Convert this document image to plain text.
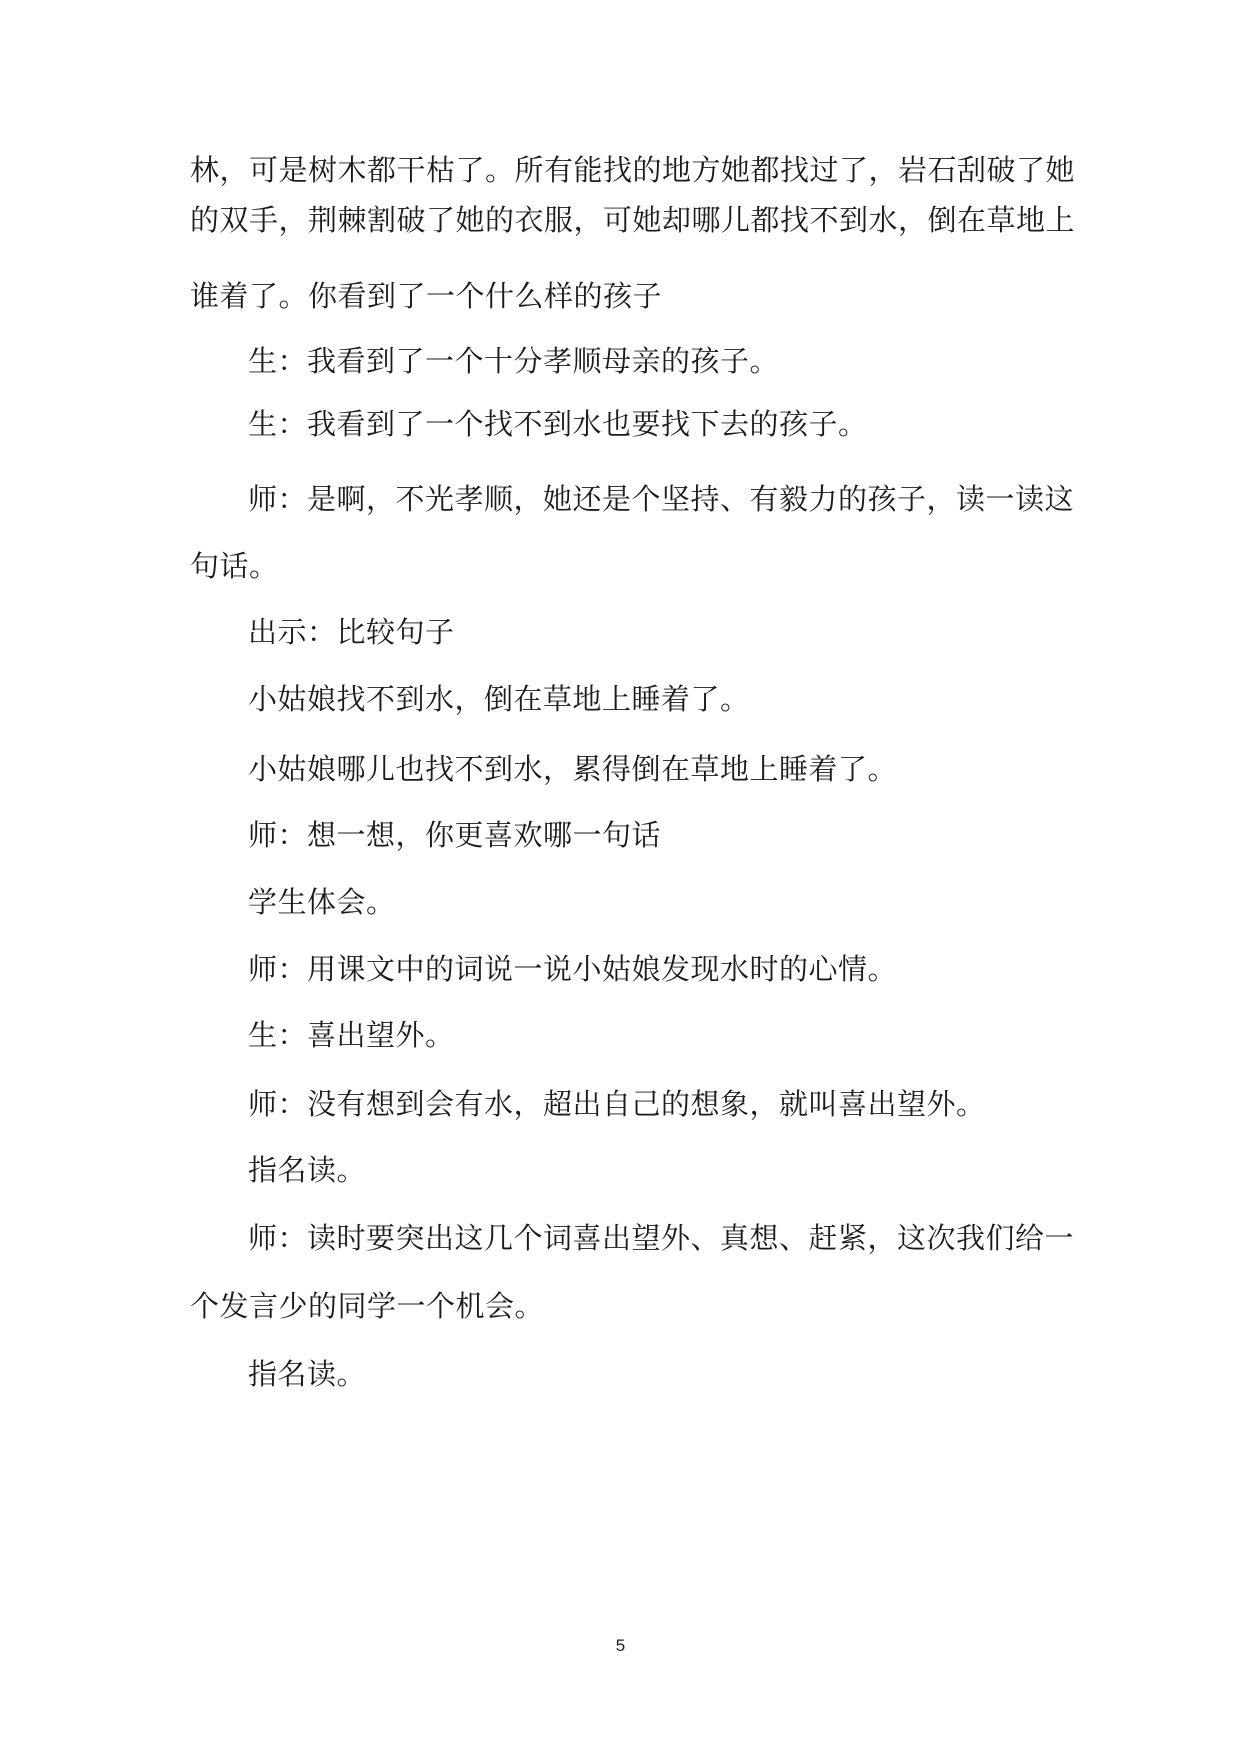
林，可是树木都干枯了。所有能找的地方她都找过了，岩石刮破了她
的双手，荆棘割破了她的衣服，可她却哪儿都找不到水，倒在草地上
谁着了。你看到了一个什么样的孩子
生：我看到了一个十分孝顺母亲的孩子。
生：我看到了一个找不到水也要找下去的孩子。
师：是啊，不光孝顺，她还是个坚持、有毅力的孩子，读一读这
句话。
出示：比较句子
小姑娘找不到水，倒在草地上睡着了。
小姑娘哪儿也找不到水，累得倒在草地上睡着了。
师：想一想，你更喜欢哪一句话
学生体会。
师：用课文中的词说一说小姑娘发现水时的心情。
生：喜出望外。
师：没有想到会有水，超出自己的想象，就叫喜出望外。
指名读。
师：读时要突出这几个词喜出望外、真想、赶紧，这次我们给一
个发言少的同学一个机会。
指名读。
5
